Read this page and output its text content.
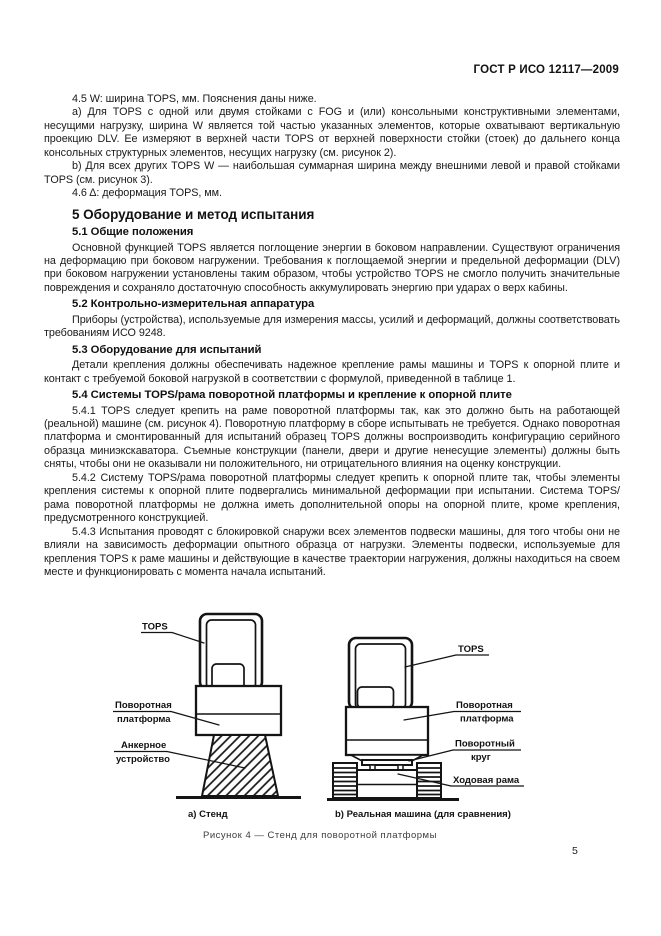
ГОСТ Р ИСО 12117—2009

4.5 W: ширина TOPS, мм. Пояснения даны ниже.

a) Для TOPS с одной или двумя стойками с FOG и (или) консольными конструктивными элементами, несущими нагрузку, ширина W является той частью указанных элементов, которые охватывают вертикальную проекцию DLV. Ее измеряют в верхней части TOPS от верхней поверхности стойки (стоек) до дальнего конца консольных структурных элементов, несущих нагрузку (см. рисунок 2).

b) Для всех других TOPS W — наибольшая суммарная ширина между внешними левой и правой стойками TOPS (см. рисунок 3).

4.6 Δ: деформация TOPS, мм.

5 Оборудование и метод испытания
5.1 Общие положения

Основной функцией TOPS является поглощение энергии в боковом направлении. Существуют ограничения на деформацию при боковом нагружении. Требования к поглощаемой энергии и предельной деформации (DLV) при боковом нагружении установлены таким образом, чтобы устройство TOPS не смогло получить значительные повреждения и сохраняло достаточную способность аккумулировать энергию при ударах о верх кабины.

5.2 Контрольно-измерительная аппаратура

Приборы (устройства), используемые для измерения массы, усилий и деформаций, должны соответствовать требованиям ИСО 9248.

5.3 Оборудование для испытаний

Детали крепления должны обеспечивать надежное крепление рамы машины и TOPS к опорной плите и контакт с требуемой боковой нагрузкой в соответствии с формулой, приведенной в таблице 1.

5.4 Системы TOPS/рама поворотной платформы и крепление к опорной плите

5.4.1 TOPS следует крепить на раме поворотной платформы так, как это должно быть на работающей (реальной) машине (см. рисунок 4). Поворотную платформу в сборе испытывать не требуется. Однако поворотная платформа и смонтированный для испытаний образец TOPS должны воспроизводить конфигурацию серийного образца миниэкскаватора. Съемные конструкции (панели, двери и другие ненесущие элементы) должны быть сняты, чтобы они не оказывали ни положительного, ни отрицательного влияния на оценку конструкции.

5.4.2 Систему TOPS/рама поворотной платформы следует крепить к опорной плите так, чтобы элементы крепления системы к опорной плите подвергались минимальной деформации при испытании. Система TOPS/рама поворотной платформы не должна иметь дополнительной опоры на опорной плите, кроме крепления, предусмотренного конструкцией.

5.4.3 Испытания проводят с блокировкой снаружи всех элементов подвески машины, для того чтобы они не влияли на зависимость деформации опытного образца от нагрузки. Элементы подвески, используемые для крепления TOPS к раме машины и действующие в качестве траектории нагружения, должны находиться на своем месте и функционировать с момента начала испытаний.

TOPS
Поворотная
платформа
Анкерное
устройство
а) Стенд
TOPS
Поворотная
платформа
Поворотный
круг
Ходовая рама
b) Реальная машина (для сравнения)
Рисунок 4 — Стенд для поворотной платформы
5
